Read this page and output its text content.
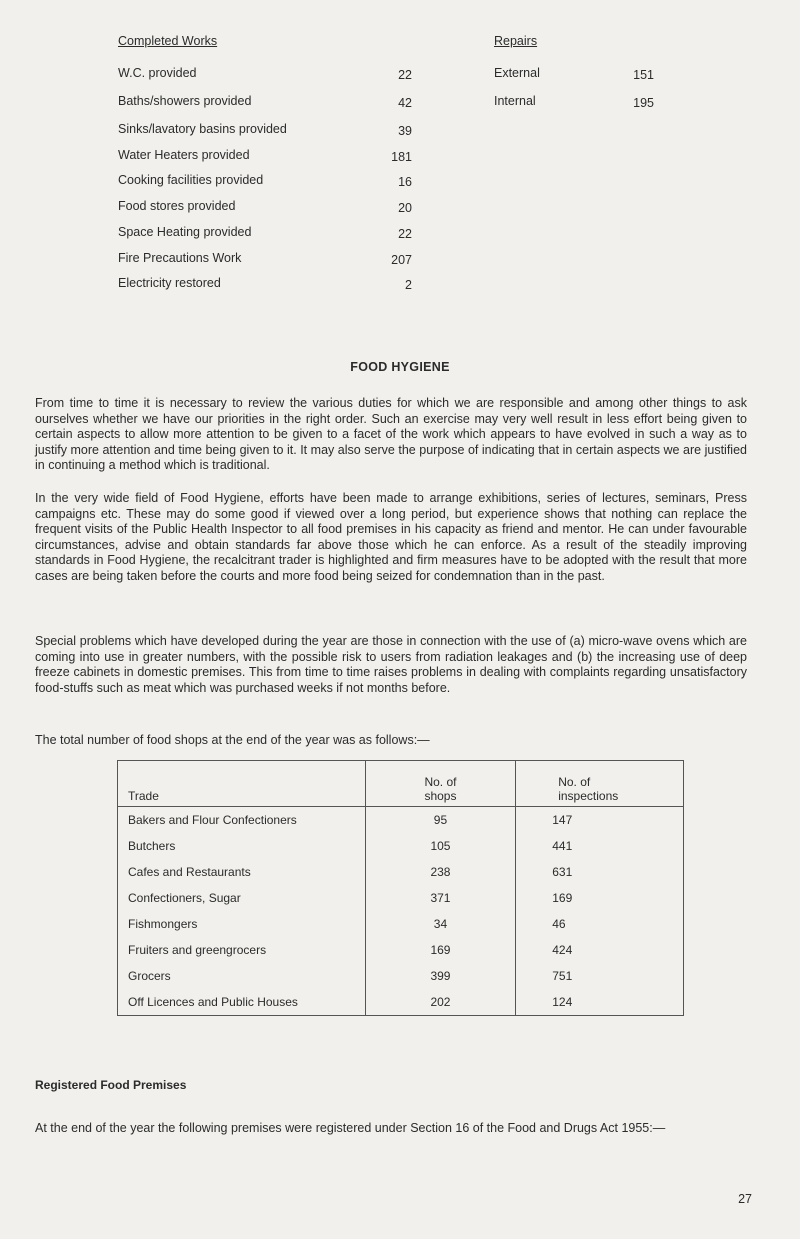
Completed Works	Repairs
W.C. provided	22
Baths/showers provided	42
Sinks/lavatory basins provided	39
Water Heaters provided	181
Cooking facilities provided	16
Food stores provided	20
Space Heating provided	22
Fire Precautions Work	207
Electricity restored	2
External	151
Internal	195
FOOD HYGIENE

From time to time it is necessary to review the various duties for which we are responsible and among other things to ask ourselves whether we have our priorities in the right order. Such an exercise may very well result in less effort being given to certain aspects to allow more attention to be given to a facet of the work which appears to have evolved in such a way as to justify more attention and time being given to it. It may also serve the purpose of indicating that in certain aspects we are justified in continuing a method which is traditional.

In the very wide field of Food Hygiene, efforts have been made to arrange exhibitions, series of lectures, seminars, Press campaigns etc. These may do some good if viewed over a long period, but experience shows that nothing can replace the frequent visits of the Public Health Inspector to all food premises in his capacity as friend and mentor. He can under favourable circumstances, advise and obtain standards far above those which he can enforce. As a result of the steadily improving standards in Food Hygiene, the recalcitrant trader is highlighted and firm measures have to be adopted with the result that more cases are being taken before the courts and more food being seized for condemnation than in the past.

Special problems which have developed during the year are those in connection with the use of (a) micro-wave ovens which are coming into use in greater numbers, with the possible risk to users from radiation leakages and (b) the increasing use of deep freeze cabinets in domestic premises. This from time to time raises problems in dealing with complaints regarding unsatisfactory food-stuffs such as meat which was purchased weeks if not months before.

The total number of food shops at the end of the year was as follows:—

Trade	No. of shops	No. of inspections
Bakers and Flour Confectioners	95	147
Butchers	105	441
Cafes and Restaurants	238	631
Confectioners, Sugar	371	169
Fishmongers	34	46
Fruiters and greengrocers	169	424
Grocers	399	751
Off Licences and Public Houses	202	124
Registered Food Premises

At the end of the year the following premises were registered under Section 16 of the Food and Drugs Act 1955:—

27
